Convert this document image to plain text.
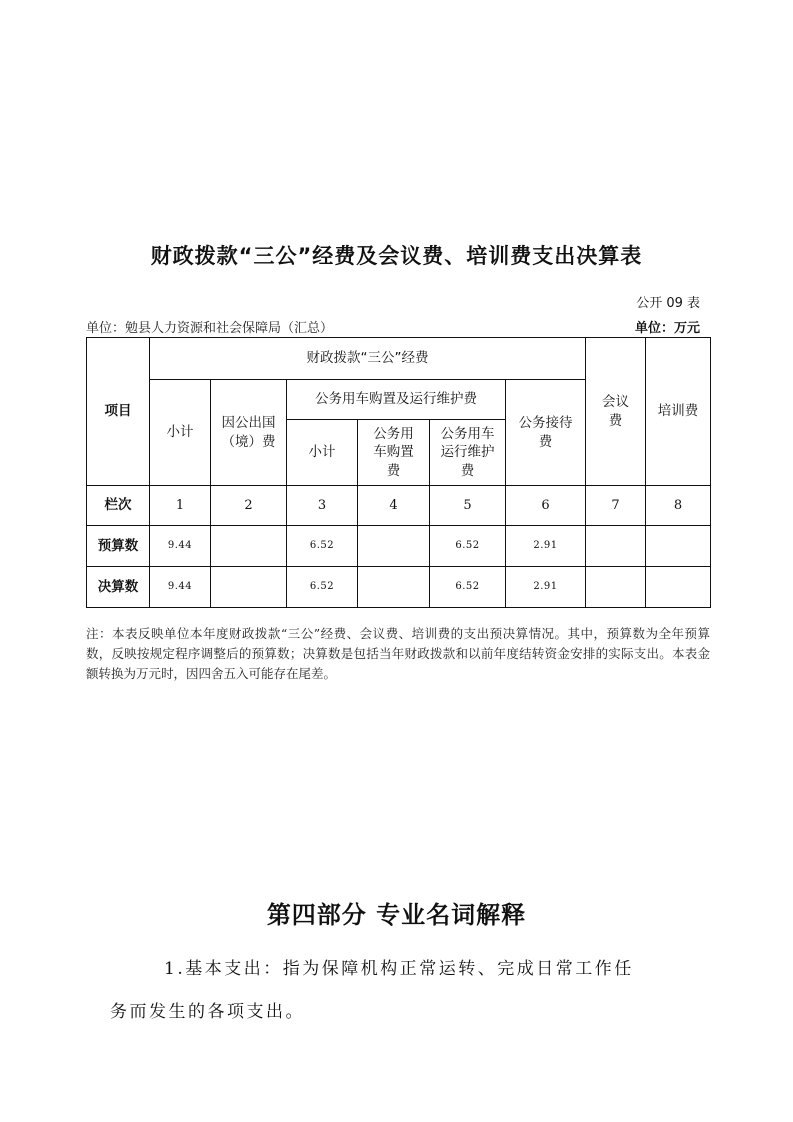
财政拨款“三公”经费及会议费、培训费支出决算表
公开 09 表
单位：勉县人力资源和社会保障局（汇总）	单位：万元
项目	财政拨款“三公”经费						会议费	培训费
	小计	因公出国（境）费	公务用车购置及运行维护费			公务接待费		
			小计	公务用车购置费	公务用车运行维护费			
栏次	1	2	3	4	5	6	7	8
预算数	9.44		6.52		6.52	2.91		
决算数	9.44		6.52		6.52	2.91		
注：本表反映单位本年度财政拨款“三公”经费、会议费、培训费的支出预决算情况。其中，预算数为全年预算数，反映按规定程序调整后的预算数；决算数是包括当年财政拨款和以前年度结转资金安排的实际支出。本表金额转换为万元时，因四舍五入可能存在尾差。
第四部分 专业名词解释
1.基本支出：指为保障机构正常运转、完成日常工作任
务而发生的各项支出。
